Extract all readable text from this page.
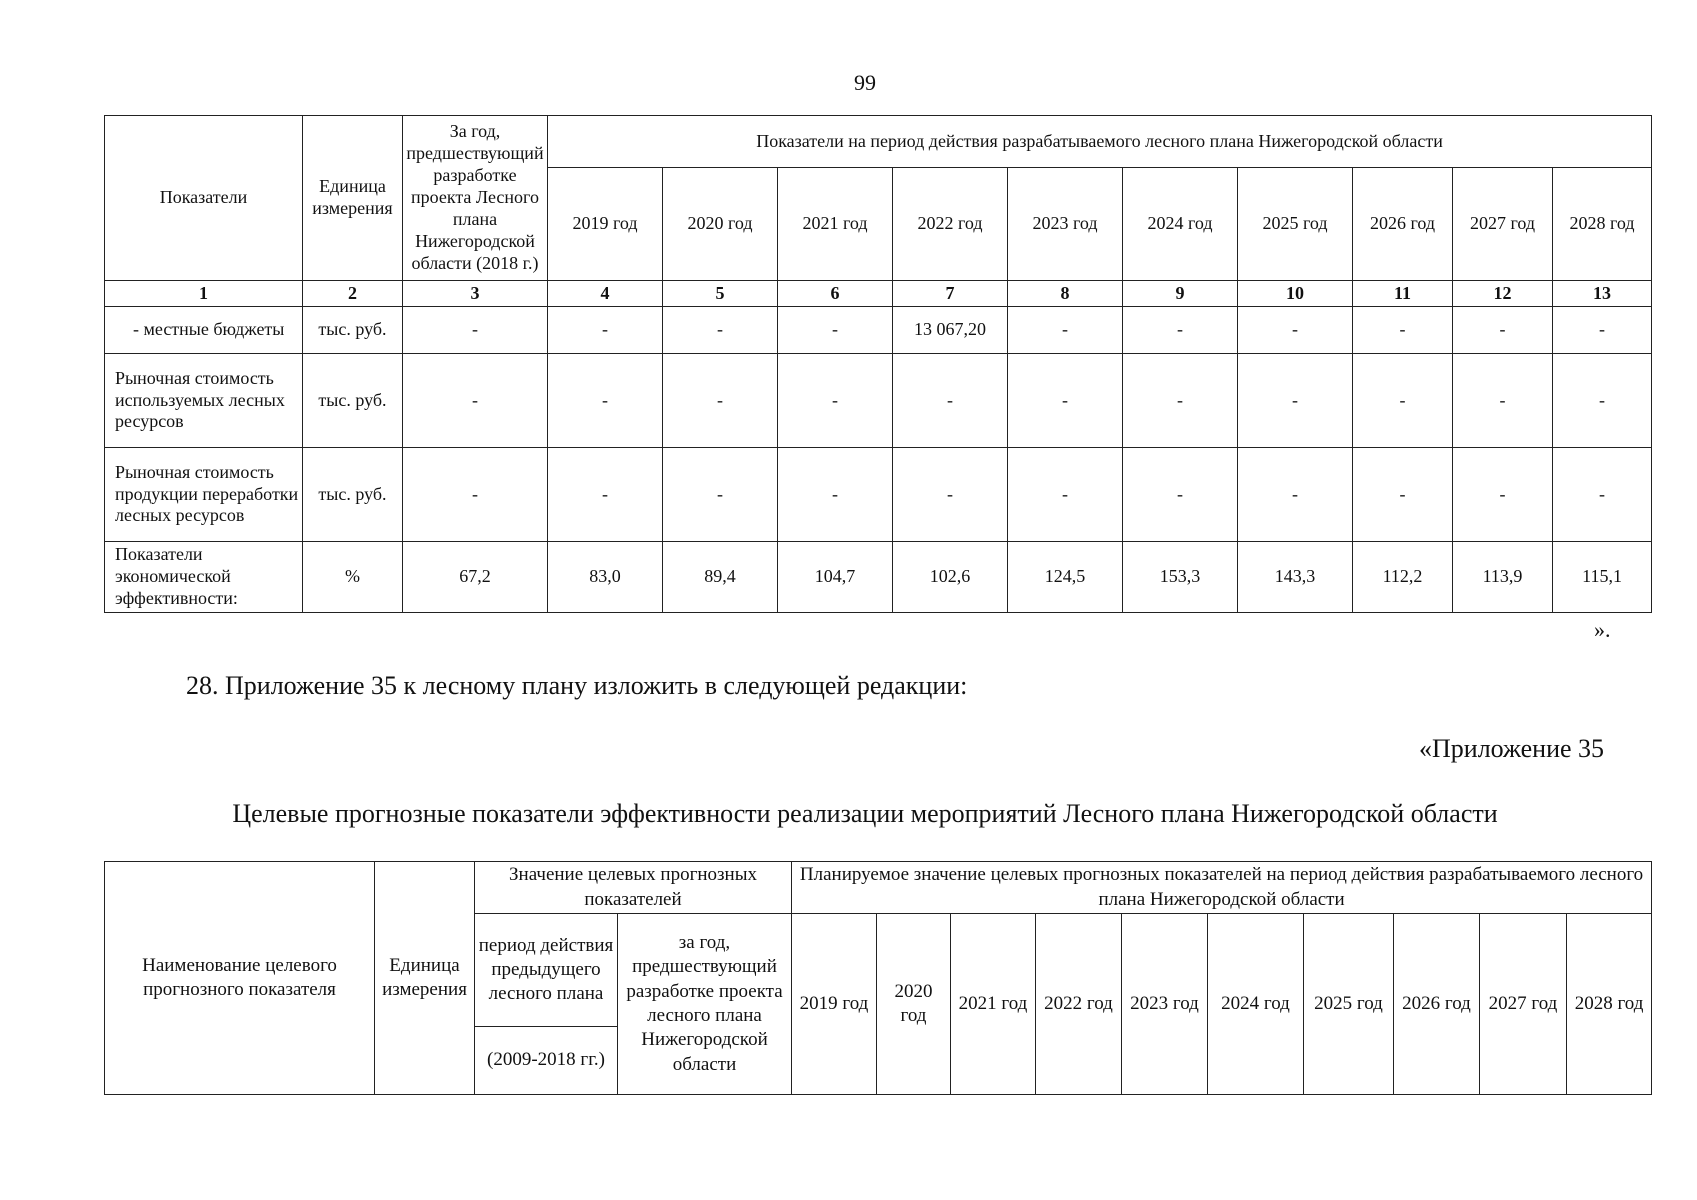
99
Показатели	Единица измерения	За год, предшествующий разработке проекта Лесного плана Нижегородской области (2018 г.)	Показатели на период действия разрабатываемого лесного плана Нижегородской области									
			2019 год	2020 год	2021 год	2022 год	2023 год	2024 год	2025 год	2026 год	2027 год	2028 год
1	2	3	4	5	6	7	8	9	10	11	12	13
- местные бюджеты	тыс. руб.	-	-	-	-	13 067,20	-	-	-	-	-	-
Рыночная стоимость используемых лесных ресурсов	тыс. руб.	-	-	-	-	-	-	-	-	-	-	-
Рыночная стоимость продукции переработки лесных ресурсов	тыс. руб.	-	-	-	-	-	-	-	-	-	-	-
Показатели экономической эффективности:	%	67,2	83,0	89,4	104,7	102,6	124,5	153,3	143,3	112,2	113,9	115,1
».
28. Приложение 35 к лесному плану изложить в следующей редакции:
«Приложение 35
Целевые прогнозные показатели эффективности реализации мероприятий Лесного плана Нижегородской области
Наименование целевого прогнозного показателя	Единица измерения	Значение целевых прогнозных показателей		Планируемое значение целевых прогнозных показателей на период действия разрабатываемого лесного плана Нижегородской области									
		период действия предыдущего лесного плана	за год, предшествующий разработке проекта лесного плана Нижегородской области	2019 год	2020 год	2021 год	2022 год	2023 год	2024 год	2025 год	2026 год	2027 год	2028 год
		(2009-2018 гг.)											
